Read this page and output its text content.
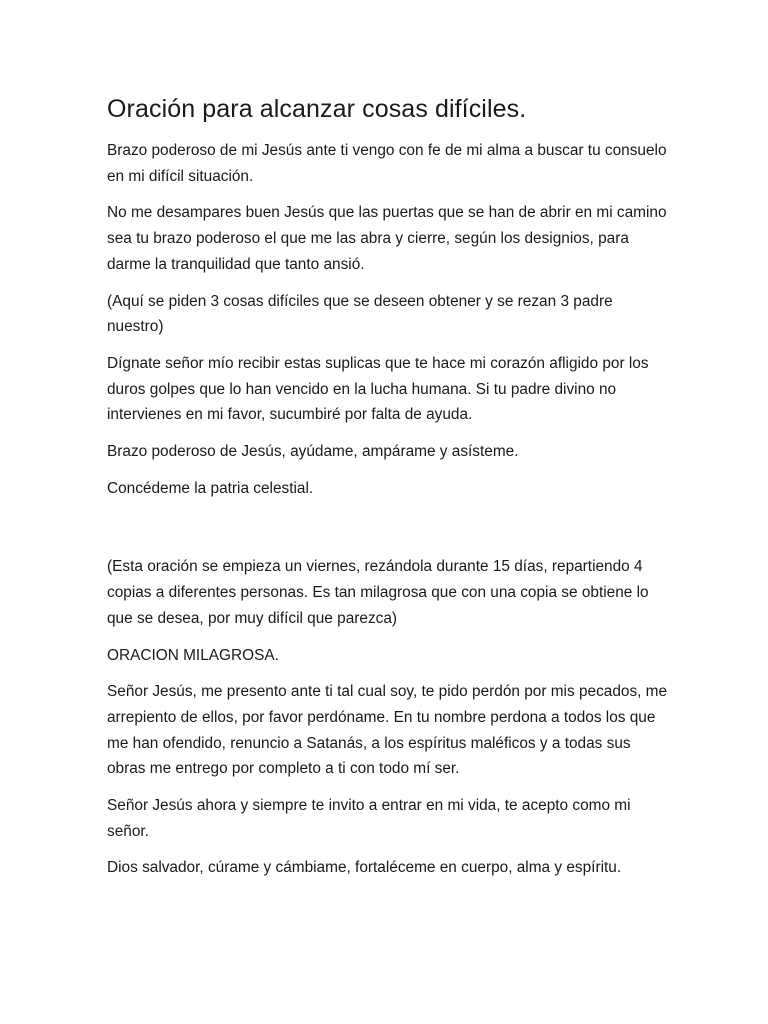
Oración para alcanzar cosas difíciles.

Brazo poderoso de mi Jesús ante ti vengo con fe de mi alma a buscar tu consuelo en mi difícil situación.

No me desampares buen Jesús que las puertas que se han de abrir en mi camino sea tu brazo poderoso el que me las abra y cierre, según los designios, para darme la tranquilidad que tanto ansió.

(Aquí se piden 3 cosas difíciles que se deseen obtener y se rezan 3 padre nuestro)

Dígnate señor mío recibir estas suplicas que te hace mi corazón afligido por los duros golpes que lo han vencido en la lucha humana. Si tu padre divino no intervienes en mi favor, sucumbiré por falta de ayuda.

Brazo poderoso de Jesús, ayúdame, ampárame y asísteme.

Concédeme la patria celestial.

(Esta oración se empieza un viernes, rezándola durante 15 días, repartiendo 4 copias a diferentes personas. Es tan milagrosa que con una copia se obtiene lo que se desea, por muy difícil que parezca)

ORACION MILAGROSA.

Señor Jesús, me presento ante ti tal cual soy, te pido perdón por mis pecados, me arrepiento de ellos, por favor perdóname. En tu nombre perdona a todos los que me han ofendido, renuncio a Satanás, a los espíritus maléficos y a todas sus obras me entrego por completo a ti con todo mí ser.

Señor Jesús ahora y siempre te invito a entrar en mi vida, te acepto como mi señor.

Dios salvador, cúrame y cámbiame, fortaléceme en cuerpo, alma y espíritu.
